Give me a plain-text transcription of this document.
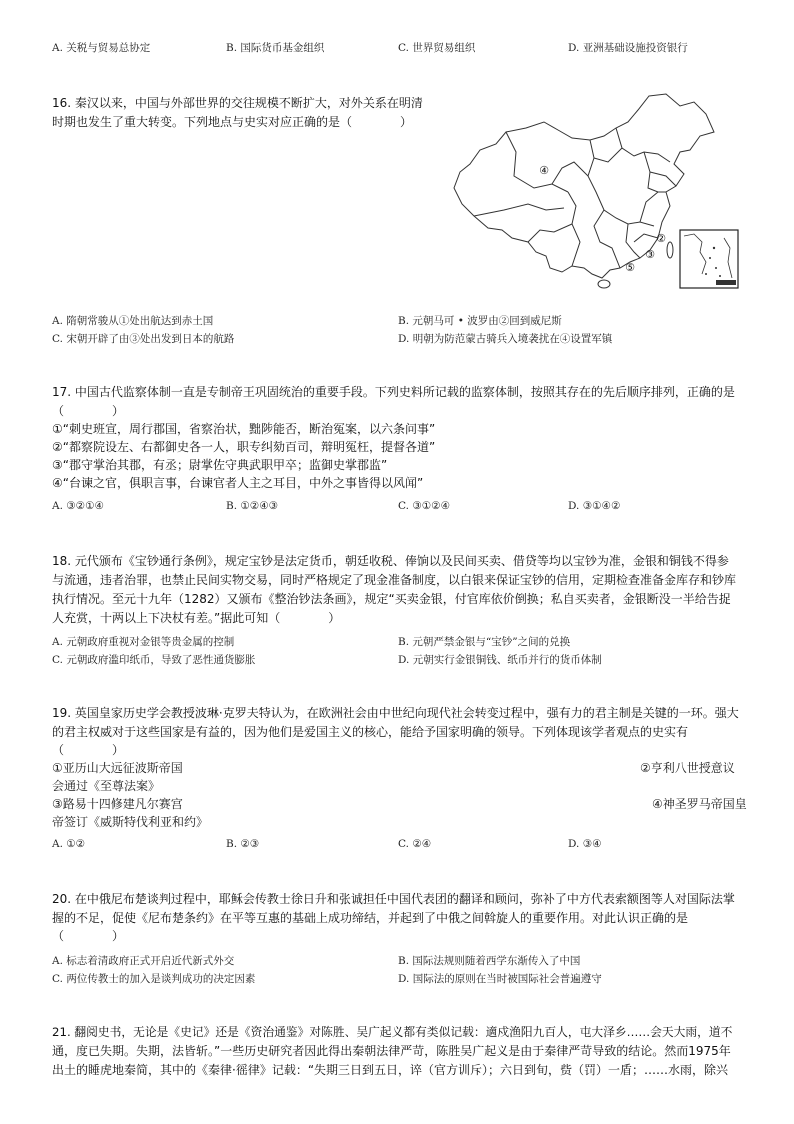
A. 关税与贸易总协定	B. 国际货币基金组织	C. 世界贸易组织	D. 亚洲基础设施投资银行
16. 秦汉以来，中国与外部世界的交往规模不断扩大，对外关系在明清
时期也发生了重大转变。下列地点与史实对应正确的是（　　　　）
④
⑤
③
②
A. 隋朝常骏从①处出航达到赤土国	B. 元朝马可 • 波罗由②回到威尼斯
C. 宋朝开辟了由③处出发到日本的航路	D. 明朝为防范蒙古骑兵入境袭扰在④设置军镇
17. 中国古代监察体制一直是专制帝王巩固统治的重要手段。下列史料所记载的监察体制，按照其存在的先后顺序排列，正确的是
（　　　　）
①“刺史班宣，周行郡国，省察治状，黜陟能否，断治冤案，以六条问事”
②“都察院设左、右都御史各一人，职专纠劾百司，辩明冤枉，提督各道”
③“郡守掌治其郡，有丞；尉掌佐守典武职甲卒；监御史掌郡监”
④“台谏之官，俱职言事，台谏官者人主之耳目，中外之事皆得以风闻”
A. ③②①④	B. ①②④③	C. ③①②④	D. ③①④②
18. 元代颁布《宝钞通行条例》，规定宝钞是法定货币，朝廷收税、俸饷以及民间买卖、借贷等均以宝钞为准，金银和铜钱不得参
与流通，违者治罪，也禁止民间实物交易，同时严格规定了现金准备制度，以白银来保证宝钞的信用，定期检查准备金库存和钞库
执行情况。至元十九年（1282）又颁布《整治钞法条画》，规定“买卖金银，付官库依价倒换；私自买卖者，金银断没一半给告捉
人充赏，十两以上下决杖有差。”据此可知（　　　　）
A. 元朝政府重视对金银等贵金属的控制	B. 元朝严禁金银与“宝钞”之间的兑换
C. 元朝政府滥印纸币，导致了恶性通货膨胀	D. 元朝实行金银铜钱、纸币并行的货币体制
19. 英国皇家历史学会教授波琳·克罗夫特认为，在欧洲社会由中世纪向现代社会转变过程中，强有力的君主制是关键的一环。强大
的君主权威对于这些国家是有益的，因为他们是爱国主义的核心，能给予国家明确的领导。下列体现该学者观点的史实有
（　　　　）
①亚历山大远征波斯帝国	②亨利八世授意议
会通过《至尊法案》
③路易十四修建凡尔赛宫	④神圣罗马帝国皇
帝签订《威斯特伐利亚和约》
A. ①②	B. ②③	C. ②④	D. ③④
20. 在中俄尼布楚谈判过程中，耶稣会传教士徐日升和张诚担任中国代表团的翻译和顾问，弥补了中方代表索额图等人对国际法掌
握的不足，促使《尼布楚条约》在平等互惠的基础上成功缔结，并起到了中俄之间斡旋人的重要作用。对此认识正确的是
（　　　　）
A. 标志着清政府正式开启近代新式外交	B. 国际法规则随着西学东渐传入了中国
C. 两位传教士的加入是谈判成功的决定因素	D. 国际法的原则在当时被国际社会普遍遵守
21. 翻阅史书，无论是《史记》还是《资治通鉴》对陈胜、吴广起义都有类似记载：適戍渔阳九百人，屯大泽乡……会天大雨，道不
通，度已失期。失期，法皆斩。”一些历史研究者因此得出秦朝法律严苛，陈胜吴广起义是由于秦律严苛导致的结论。然而1975年
出土的睡虎地秦简，其中的《秦律·徭律》记载：“失期三日到五日，谇（官方训斥）；六日到旬，赀（罚）一盾；……水雨，除兴
